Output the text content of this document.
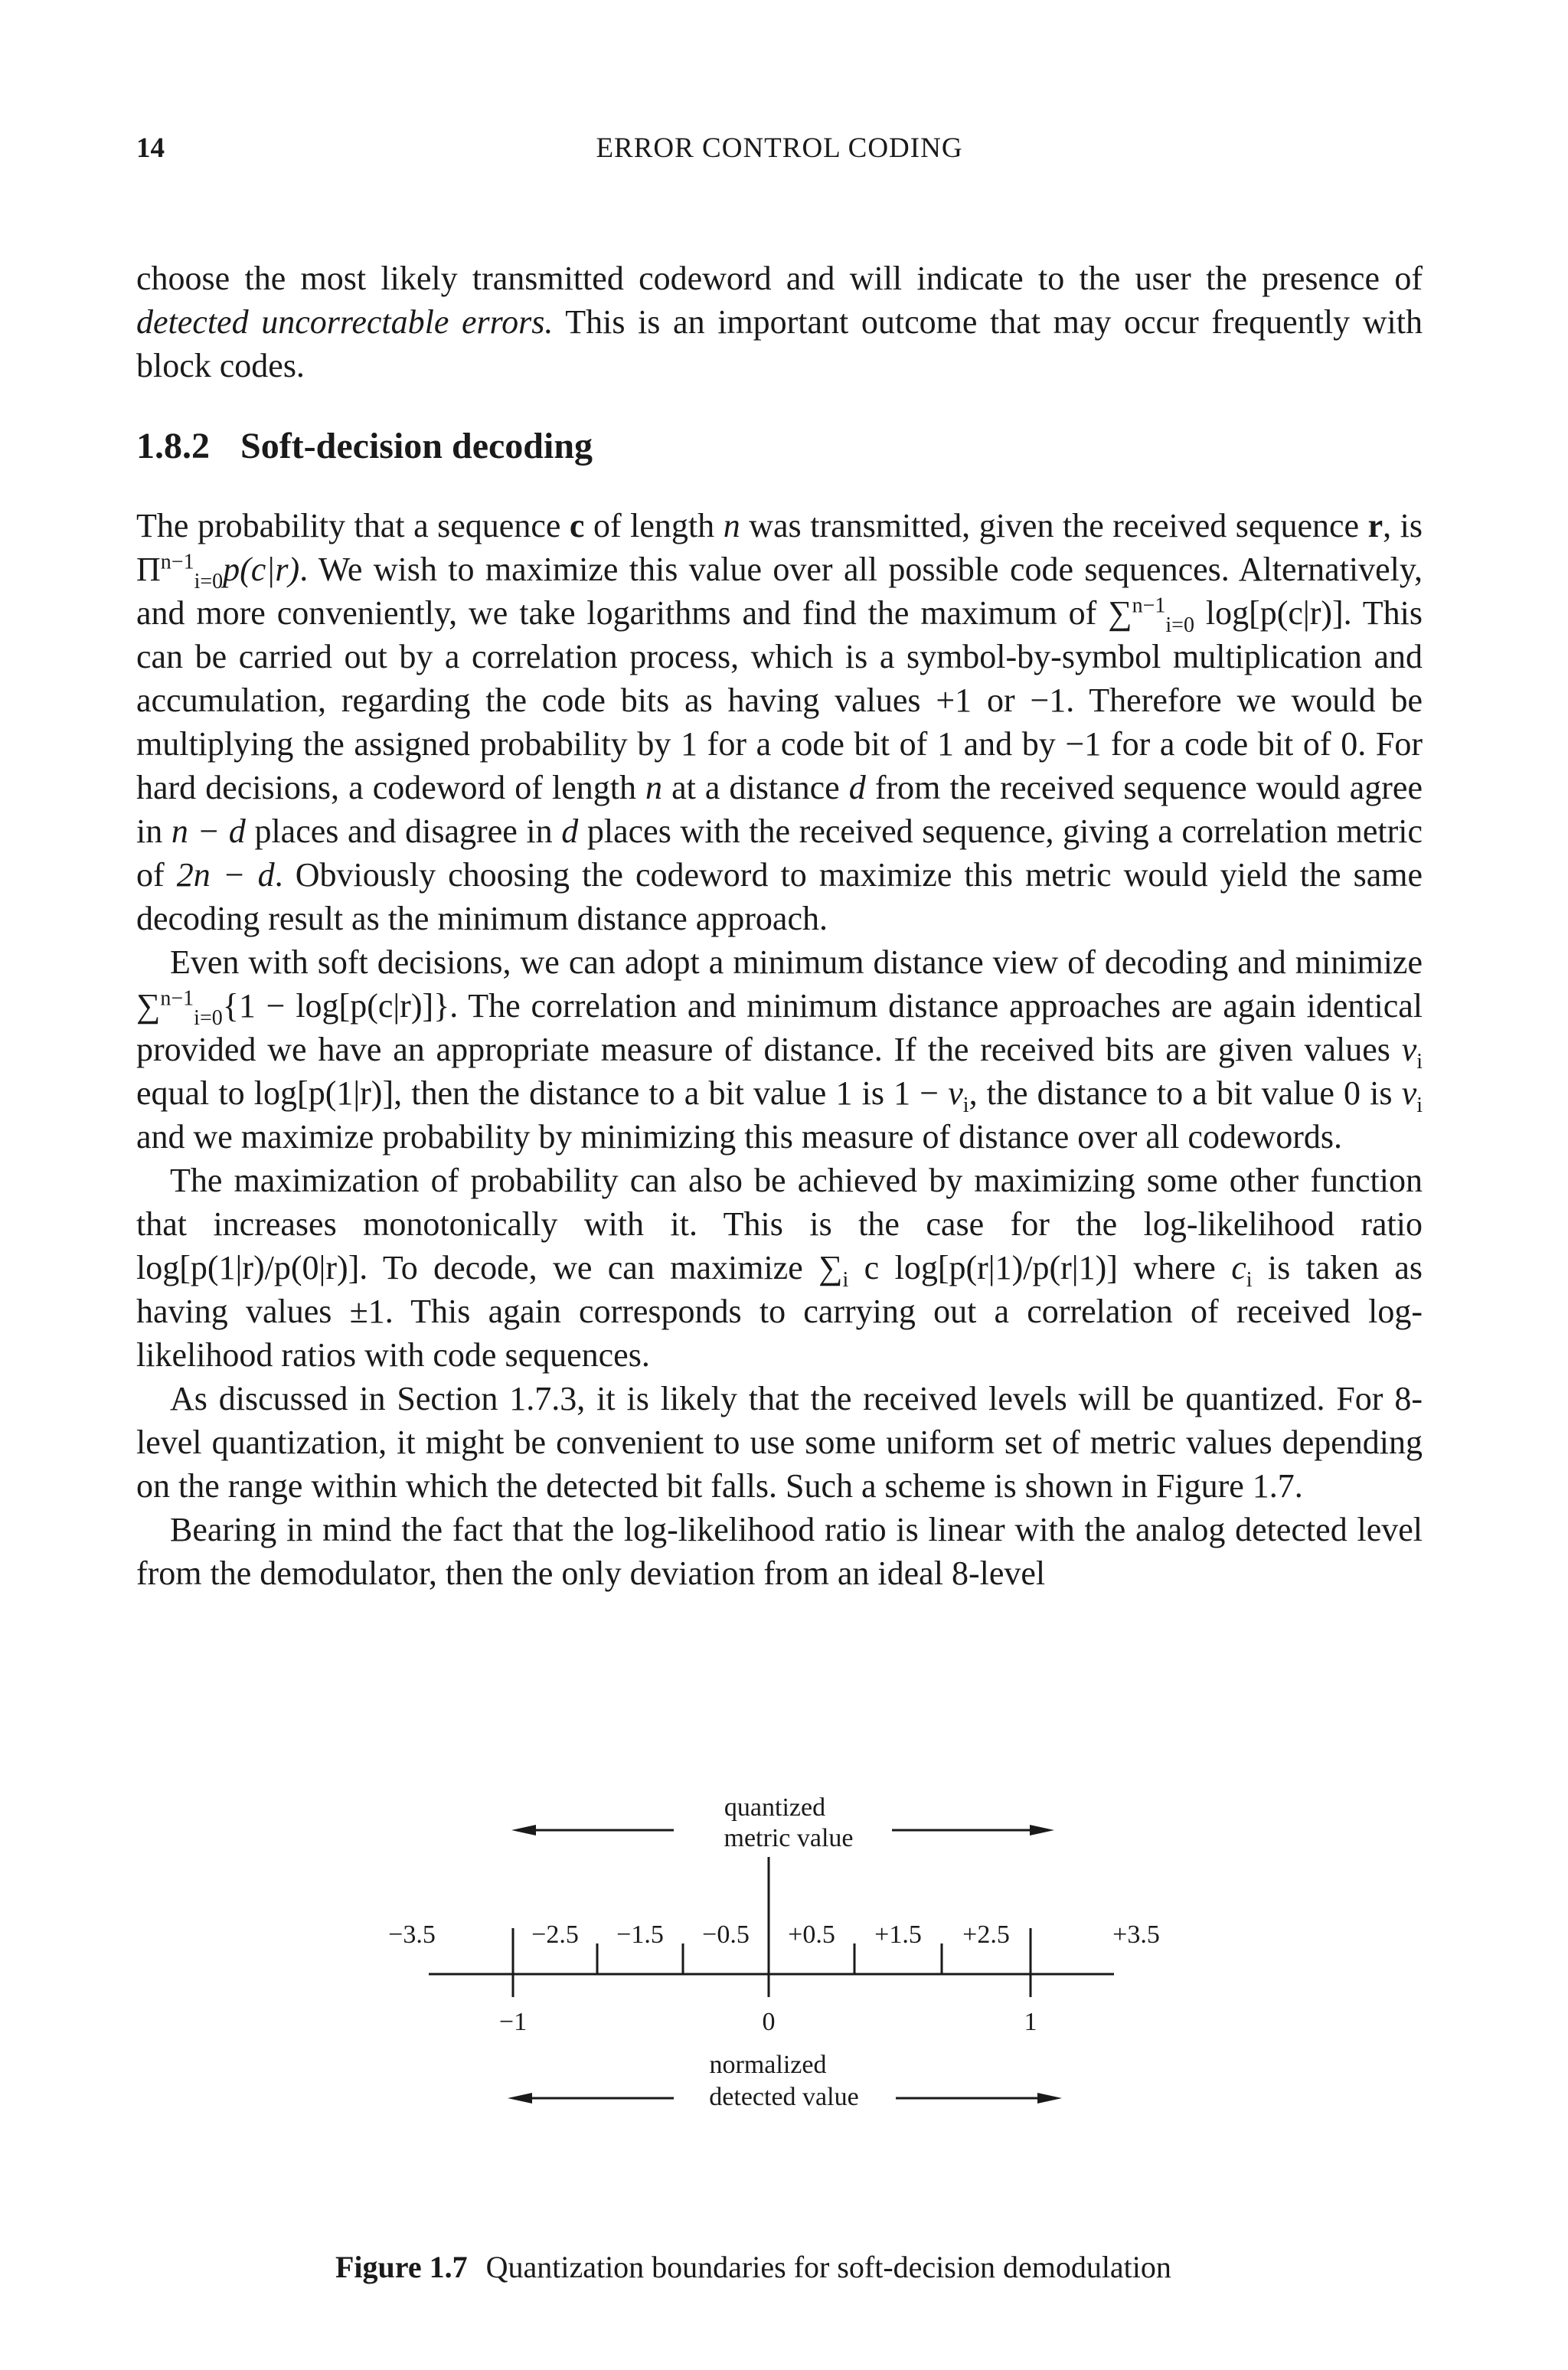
14	ERROR CONTROL CODING

choose the most likely transmitted codeword and will indicate to the user the presence of detected uncorrectable errors. This is an important outcome that may occur frequently with block codes.

1.8.2 Soft-decision decoding

The probability that a sequence c of length n was transmitted, given the received sequence r, is $\Pi^{n-1}_{i=0}p(c|r)$. We wish to maximize this value over all possible code sequences. Alternatively, and more conveniently, we take logarithms and find the maximum of ∑$^{n-1}_{i=0}$ log[p(c|r)]. This can be carried out by a correlation process, which is a symbol-by-symbol multiplication and accumulation, regarding the code bits as having values +1 or −1. Therefore we would be multiplying the assigned probability by 1 for a code bit of 1 and by −1 for a code bit of 0. For hard decisions, a codeword of length n at a distance d from the received sequence would agree in n − d places and disagree in d places with the received sequence, giving a correlation metric of 2n − d. Obviously choosing the codeword to maximize this metric would yield the same decoding result as the minimum distance approach.

Even with soft decisions, we can adopt a minimum distance view of decoding and minimize ∑$^{n-1}_{i=0}${1 − log[p(c|r)]}. The correlation and minimum distance approaches are again identical provided we have an appropriate measure of distance. If the received bits are given values $v_i$ equal to log[p(1|r)], then the distance to a bit value 1 is $1 - v_i$, the distance to a bit value 0 is $v_i$ and we maximize probability by minimizing this measure of distance over all codewords.

The maximization of probability can also be achieved by maximizing some other function that increases monotonically with it. This is the case for the log-likelihood ratio log[p(1|r)/p(0|r)]. To decode, we can maximize $\sum_i$ c log[p(r|1)/p(r|1)] where $c_i$ is taken as having values ±1. This again corresponds to carrying out a correlation of received log-likelihood ratios with code sequences.

As discussed in Section 1.7.3, it is likely that the received levels will be quantized. For 8-level quantization, it might be convenient to use some uniform set of metric values depending on the range within which the detected bit falls. Such a scheme is shown in Figure 1.7.

Bearing in mind the fact that the log-likelihood ratio is linear with the analog detected level from the demodulator, then the only deviation from an ideal 8-level

quantized
metric value
−3.5	−2.5 −1.5 −0.5 +0.5 +1.5 +2.5	+3.5
−1	0	1
normalized
detected value
Figure 1.7 Quantization boundaries for soft-decision demodulation
